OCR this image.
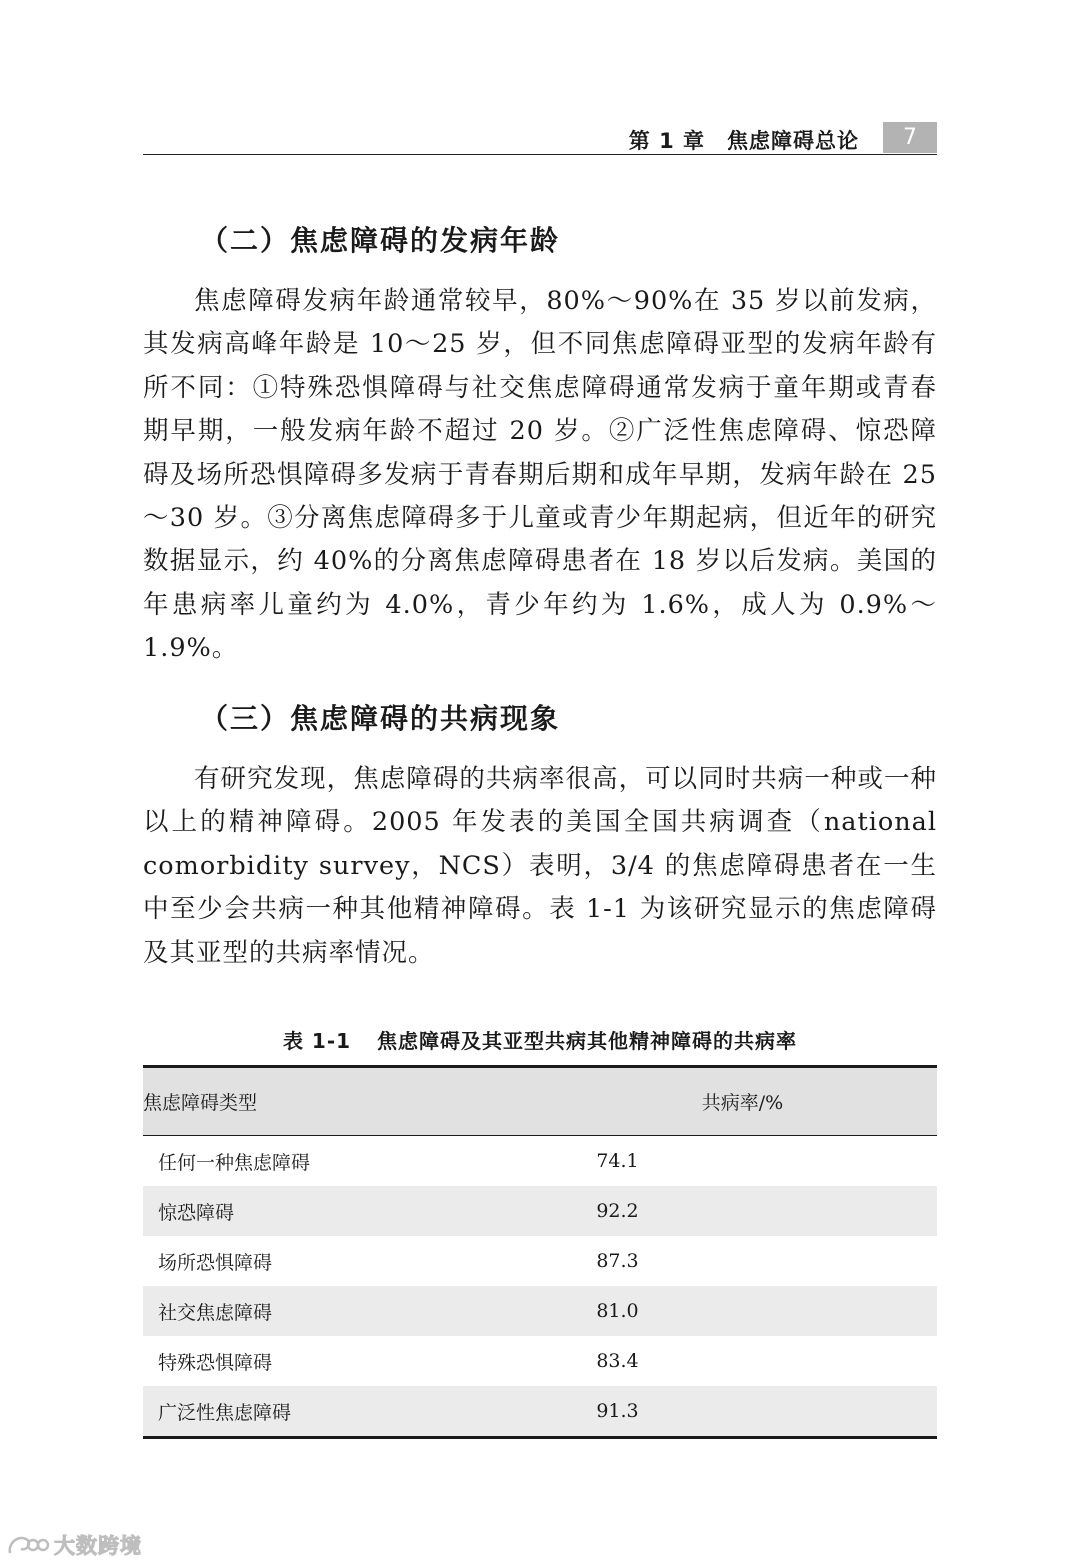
第 1 章　焦虑障碍总论	7
（二）焦虑障碍的发病年龄

焦虑障碍发病年龄通常较早，80%～90%在 35 岁以前发病，其发病高峰年龄是 10～25 岁，但不同焦虑障碍亚型的发病年龄有所不同：①特殊恐惧障碍与社交焦虑障碍通常发病于童年期或青春期早期，一般发病年龄不超过 20 岁。②广泛性焦虑障碍、惊恐障碍及场所恐惧障碍多发病于青春期后期和成年早期，发病年龄在 25～30 岁。③分离焦虑障碍多于儿童或青少年期起病，但近年的研究数据显示，约 40%的分离焦虑障碍患者在 18 岁以后发病。美国的年患病率儿童约为 4.0%，青少年约为 1.6%，成人为 0.9%～1.9%。

（三）焦虑障碍的共病现象

有研究发现，焦虑障碍的共病率很高，可以同时共病一种或一种以上的精神障碍。2005 年发表的美国全国共病调查（national comorbidity survey，NCS）表明，3/4 的焦虑障碍患者在一生中至少会共病一种其他精神障碍。表 1-1 为该研究显示的焦虑障碍及其亚型的共病率情况。

表 1-1 焦虑障碍及其亚型共病其他精神障碍的共病率
焦虑障碍类型	共病率/%
任何一种焦虑障碍	74.1
惊恐障碍	92.2
场所恐惧障碍	87.3
社交焦虑障碍	81.0
特殊恐惧障碍	83.4
广泛性焦虑障碍	91.3
大数跨境
